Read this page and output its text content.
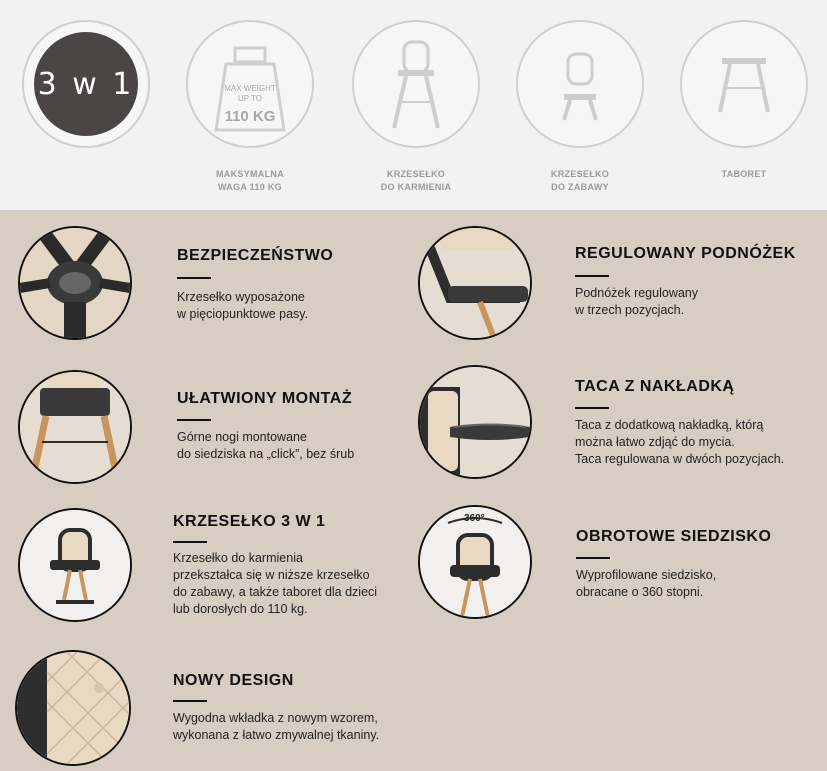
3 w 1	MAX WEIGHT
UP TO
110 KG
MAKSYMALNA
WAGA 110 KG
KRZESEŁKO
DO KARMIENIA
KRZESEŁKO
DO ZABAWY
TABORET
BEZPIECZEŃSTWO
Krzesełko wyposażone
w pięciopunktowe pasy.
REGULOWANY PODNÓŻEK
Podnóżek regulowany
w trzech pozycjach.
UŁATWIONY MONTAŻ
Górne nogi montowane
do siedziska na „click”, bez śrub
TACA Z NAKŁADKĄ
Taca z dodatkową nakładką, którą
można łatwo zdjąć do mycia.
Taca regulowana w dwóch pozycjach.
KRZESEŁKO 3 W 1
Krzesełko do karmienia
przekształca się w niższe krzesełko
do zabawy, a także taboret dla dzieci
lub dorosłych do 110 kg.
360°
OBROTOWE SIEDZISKO
Wyprofilowane siedzisko,
obracane o 360 stopni.
NOWY DESIGN
Wygodna wkładka z nowym wzorem,
wykonana z łatwo zmywalnej tkaniny.
